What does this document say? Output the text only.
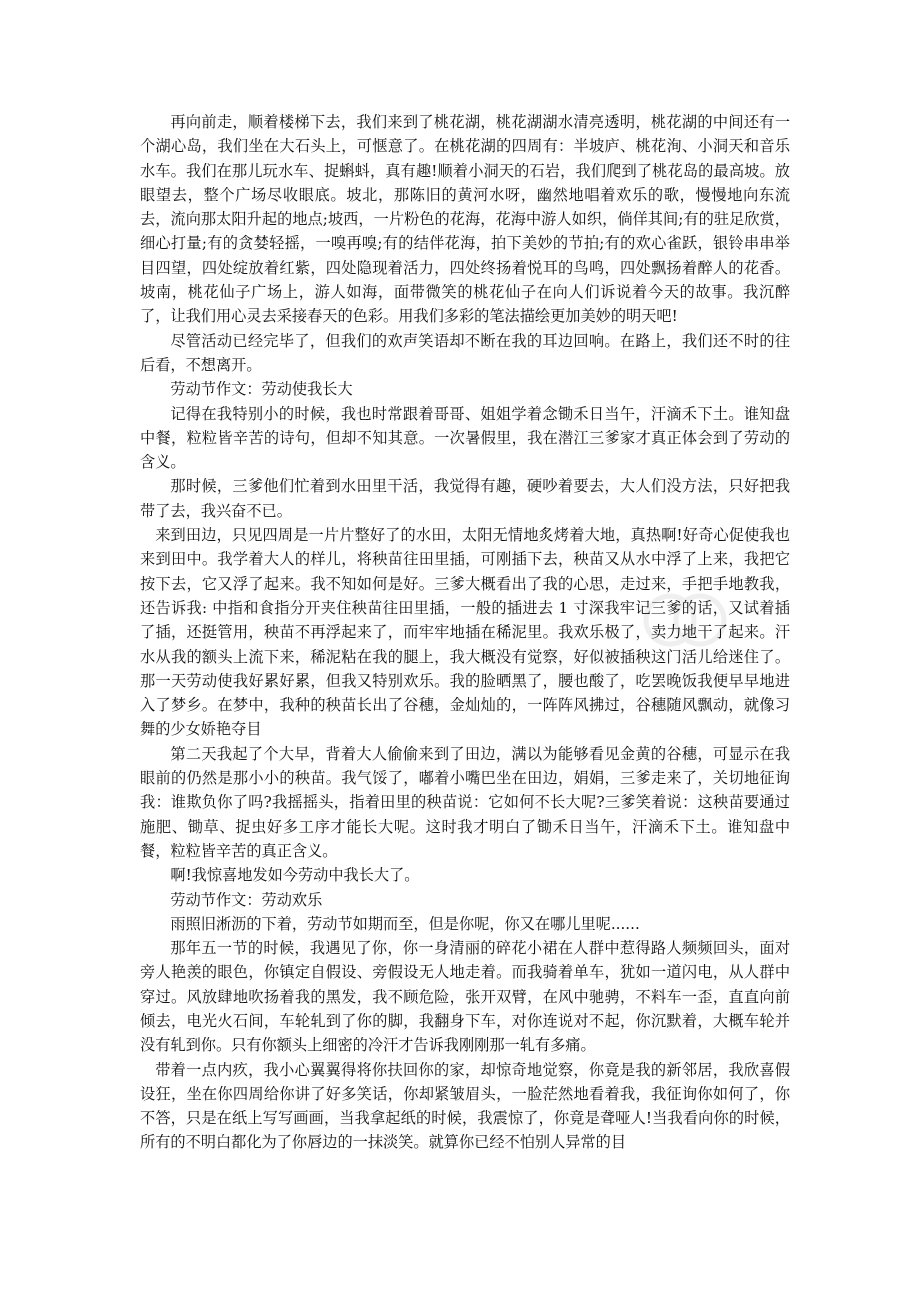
再向前走，顺着楼梯下去，我们来到了桃花湖，桃花湖湖水清亮透明，桃花湖的中间还有一个湖心岛，我们坐在大石头上，可惬意了。在桃花湖的四周有：半坡庐、桃花洵、小洞天和音乐水车。我们在那儿玩水车、捉蝌蚪，真有趣!顺着小洞天的石岩，我们爬到了桃花岛的最高坡。放眼望去，整个广场尽收眼底。坡北，那陈旧的黄河水呀，幽然地唱着欢乐的歌，慢慢地向东流去，流向那太阳升起的地点;坡西，一片粉色的花海，花海中游人如织，倘佯其间;有的驻足欣赏，细心打量;有的贪婪轻摇，一嗅再嗅;有的结伴花海，拍下美妙的节拍;有的欢心雀跃，银铃串串举目四望，四处绽放着红紫，四处隐现着活力，四处终扬着悦耳的鸟鸣，四处飘扬着醉人的花香。坡南，桃花仙子广场上，游人如海，面带微笑的桃花仙子在向人们诉说着今天的故事。我沉醉了，让我们用心灵去采接春天的色彩。用我们多彩的笔法描绘更加美妙的明天吧!

尽管活动已经完毕了，但我们的欢声笑语却不断在我的耳边回响。在路上，我们还不时的往后看，不想离开。

劳动节作文：劳动使我长大

记得在我特别小的时候，我也时常跟着哥哥、姐姐学着念锄禾日当午，汗滴禾下土。谁知盘中餐，粒粒皆辛苦的诗句，但却不知其意。一次暑假里，我在潜江三爹家才真正体会到了劳动的含义。

那时候，三爹他们忙着到水田里干活，我觉得有趣，硬吵着要去，大人们没方法，只好把我带了去，我兴奋不已。

来到田边，只见四周是一片片整好了的水田，太阳无情地炙烤着大地，真热啊!好奇心促使我也来到田中。我学着大人的样儿，将秧苗往田里插，可刚插下去，秧苗又从水中浮了上来，我把它按下去，它又浮了起来。我不知如何是好。三爹大概看出了我的心思，走过来，手把手地教我，还告诉我: 中指和食指分开夹住秧苗往田里插，一般的插进去 1 寸深我牢记三爹的话，又试着插了插，还挺管用，秧苗不再浮起来了，而牢牢地插在稀泥里。我欢乐极了，卖力地干了起来。汗水从我的额头上流下来，稀泥粘在我的腿上，我大概没有觉察，好似被插秧这门活儿给迷住了。那一天劳动使我好累好累，但我又特别欢乐。我的脸晒黑了，腰也酸了，吃罢晚饭我便早早地进入了梦乡。在梦中，我种的秧苗长出了谷穗，金灿灿的，一阵阵风拂过，谷穗随风飘动，就像习舞的少女娇艳夺目

第二天我起了个大早，背着大人偷偷来到了田边，满以为能够看见金黄的谷穗，可显示在我眼前的仍然是那小小的秧苗。我气馁了，嘟着小嘴巴坐在田边，娟娟，三爹走来了，关切地征询我：谁欺负你了吗?我摇摇头，指着田里的秧苗说：它如何不长大呢?三爹笑着说：这秧苗要通过施肥、锄草、捉虫好多工序才能长大呢。这时我才明白了锄禾日当午，汗滴禾下土。谁知盘中餐，粒粒皆辛苦的真正含义。

啊!我惊喜地发如今劳动中我长大了。

劳动节作文：劳动欢乐

雨照旧淅沥的下着，劳动节如期而至，但是你呢，你又在哪儿里呢......

那年五一节的时候，我遇见了你，你一身清丽的碎花小裙在人群中惹得路人频频回头，面对旁人艳羡的眼色，你镇定自假设、旁假设无人地走着。而我骑着单车，犹如一道闪电，从人群中穿过。风放肆地吹扬着我的黑发，我不顾危险，张开双臂，在风中驰骋，不料车一歪，直直向前倾去，电光火石间，车轮轧到了你的脚，我翻身下车，对你连说对不起，你沉默着，大概车轮并没有轧到你。只有你额头上细密的冷汗才告诉我刚刚那一轧有多痛。

带着一点内疚，我小心翼翼得将你扶回你的家，却惊奇地觉察，你竟是我的新邻居，我欣喜假设狂，坐在你四周给你讲了好多笑话，你却紧皱眉头，一脸茫然地看着我，我征询你如何了，你不答，只是在纸上写写画画，当我拿起纸的时候，我震惊了，你竟是聋哑人!当我看向你的时候，所有的不明白都化为了你唇边的一抹淡笑。就算你已经不怕别人异常的目
